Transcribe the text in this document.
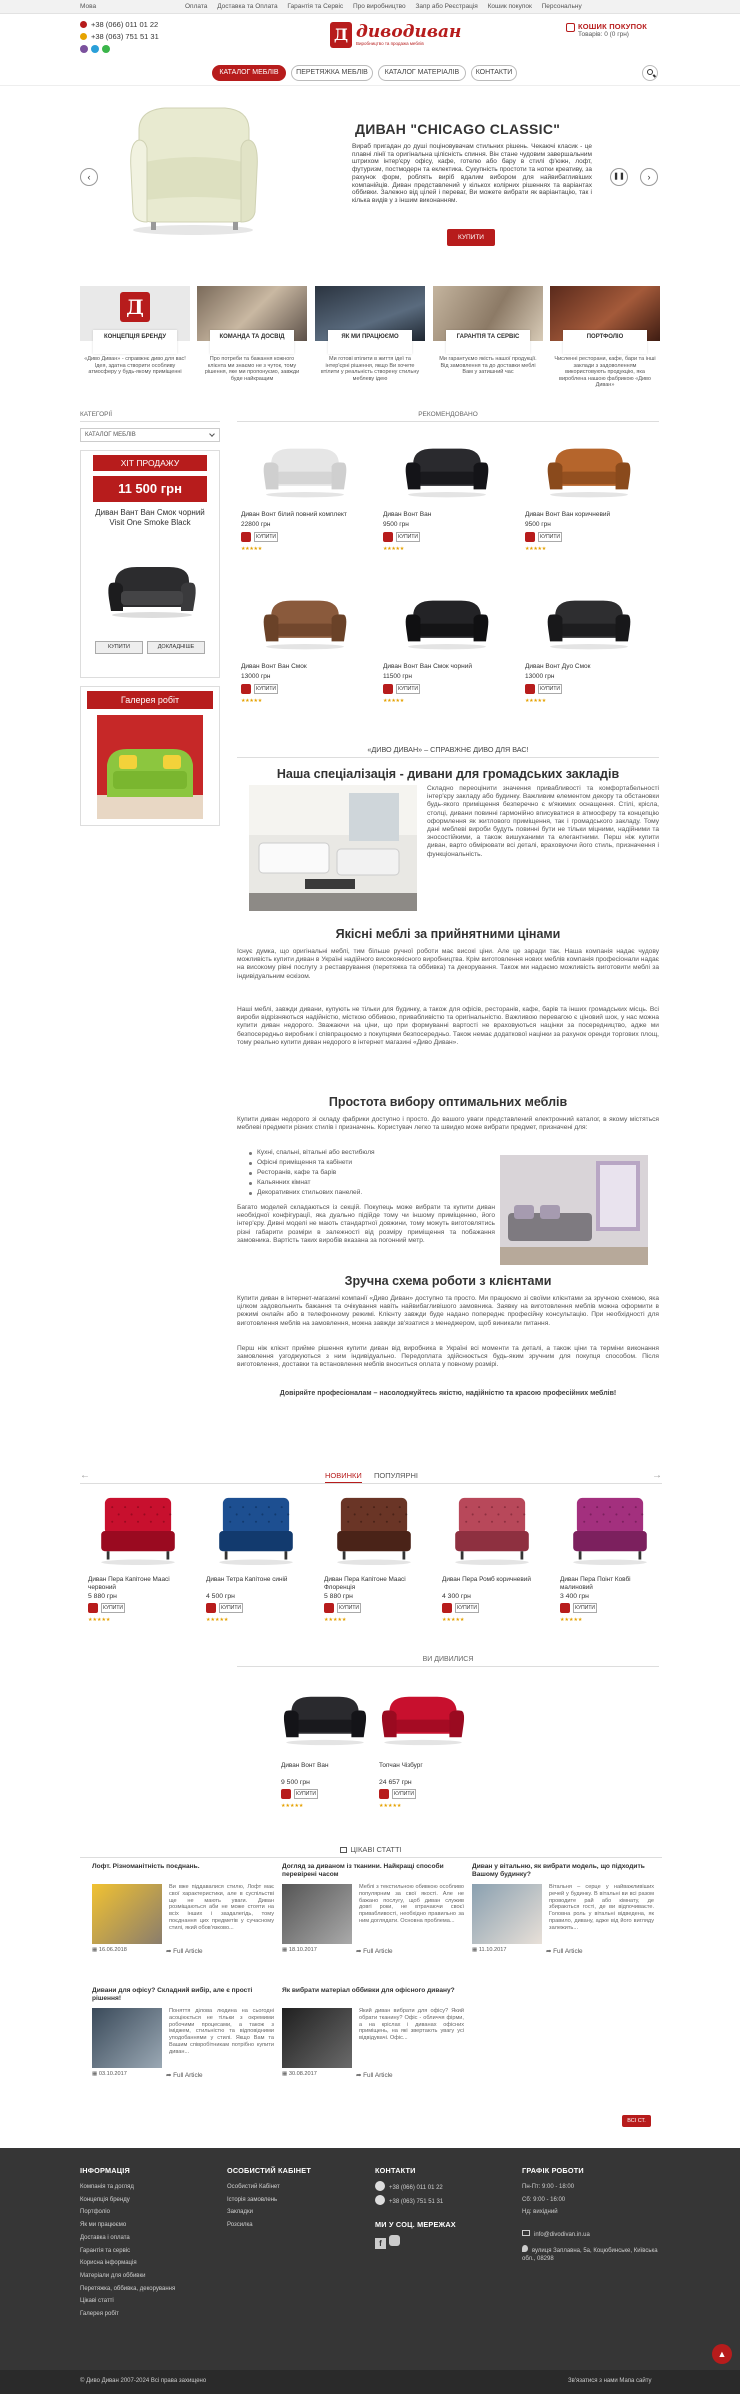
Мова	Оплата Доставка та Оплата Гарантія та Сервіс Про виробництво Запр або Реєстрація Кошик покупок Персональну
+38 (066) 011 01 22
+38 (063) 751 51 31	Д диводиван
Виробництво та продажа меблів
КОШИК ПОКУПОК
Товарів: 0 (0 грн)
КАТАЛОГ МЕБЛІВ	ПЕРЕТЯЖКА МЕБЛІВ	КАТАЛОГ МАТЕРІАЛІВ	КОНТАКТИ
‹
ДИВАН "CHICAGO CLASSIC"
Вираб пригадан до душі поціновувачам стильних рішень. Чекаючі класик - це плавні лінії та оригінальна цілісність спиння. Він стане чудовим завершальним штрихом інтер'єру офісу, кафе, готелю або бару в стилі ф'южн, лофт, футуризм, постмодерн та еклектика. Сукупність простоти та нотки креативу, за рахунок форм, роблять виріб вдалим вибором для найвибагливіших компанійців. Диван представлений у кількох колірних рішеннях та варіантах оббивки. Залежно від цілей і переваг, Ви можете вибрати як варіантацію, так і кілька видів у з іншим виконанням.
КУПИТИ
❚❚	›
Д
КОНЦЕПЦІЯ БРЕНДУ
«Диво Диван» - справжнє диво для вас! Ідея, здатна створити особливу атмосферу у будь-якому приміщенні
КОМАНДА ТА ДОСВІД
Про потреби та бажання кожного клієнта ми знаємо не з чуток, тому рішення, яке ми пропонуємо, завжди буде найкращим
ЯК МИ ПРАЦЮЄМО
Ми готові втілити в життя ідеї та інтер'єрні рішення, якщо Ви хочете втілити у реальність створену стильну меблеву ідею
ГАРАНТІЯ ТА СЕРВІС
Ми гарантуємо якість нашої продукції. Від замовлення та до доставки меблі Вам у затишний час
ПОРТФОЛІО
Численні ресторани, кафе, бари та інші заклади з задоволенням використовують продукцію, яка вироблена нашою фабрикою «Диво Диван»
КАТЕГОРІЇ
КАТАЛОГ МЕБЛІВ
ХІТ ПРОДАЖУ
11 500 грн
Диван Вант Ван Смок чорний Visit One Smoke Black
КУПИТИ	ДОКЛАДНІШЕ
Галерея робіт
РЕКОМЕНДОВАНО
Диван Вонт білий повний комплект
22800 грн
КУПИТИ
★★★★★
Диван Вонт Ван
9500 грн
КУПИТИ
★★★★★
Диван Вонт Ван коричневий
9500 грн
КУПИТИ
★★★★★
Диван Вонт Ван Смок
13000 грн
КУПИТИ
★★★★★
Диван Вонт Ван Смок чорний
11500 грн
КУПИТИ
★★★★★
Диван Вонт Дуо Смок
13000 грн
КУПИТИ
★★★★★
«ДИВО ДИВАН» – СПРАВЖНЄ ДИВО ДЛЯ ВАС!
Наша спеціалізація - дивани для громадських закладів
Складно переоцінити значення привабливості та комфортабельності інтер'єру закладу або будинку. Важливим елементом декору та обстановки будь-якого приміщення безперечно є м'якимих оснащення. Стілі, крісла, столці, дивани повинні гармонійно вписуватися в атмосферу та концепцію оформлення як житлового приміщення, так і громадського закладу. Тому дані меблеві вироби будуть повинні бути не тільки міцними, надійними та зносостійкими, а також вишуканими та елегантними. Перш ніж купити диван, варто обмірювати всі деталі, враховуючи його стиль, призначення і функціональність.
Якісні меблі за прийнятними цінами
Існує думка, що оригінальні меблі, тим більше ручної роботи має високі ціни. Але це заради так. Наша компанія надає чудову можливість купити диван в Україні надійного високоякісного виробництва. Крім виготовлення нових меблів компанія професіонали надає на високому рівні послугу з реставрування (перетяжка та оббивка) та декорування. Також ми надаємо можливість виготовити меблі за індивідуальним ескізом.
Наші меблі, завжди дивани, купують не тільки для будинку, а також для офісів, ресторанів, кафе, барів та інших громадських місць. Всі вироби відрізняються надійністю, місткою оббивою, привабливістю та оригінальністю. Важливою перевагою є ціновий шок, у нас можна купити диван недорого. Зважаючи на ціни, що при формуванні вартості не враховуються націнки за посередництво, адже ми безпосередньо виробник і співпрацюємо з покупцями безпосередньо. Також немає додаткової націнки за рахунок оренди торгових площ, тому реально купити диван недорого в інтернет магазині «Диво Диван».
Простота вибору оптимальних меблів
Купити диван недорого зі складу фабрики доступно і просто. До вашого уваги представлений електронний каталог, в якому містяться меблеві предмети різних стилів і призначень. Користувач легко та швидко може вибрати предмет, призначені для:
Кухні, спальні, вітальні або вестибюля
Офісні приміщення та кабінети
Ресторанів, кафе та барів
Кальянних кімнат
Декоративних стильових панелей.
Багато моделей складаються із секцій. Покупець може вибрати та купити диван необхідної конфігурації, яка дуально підійде тому чи іншому приміщенню, його інтер'єру. Дивні моделі не мають стандартної довжини, тому можуть виготовлятись різні габарити розміри в залежності від розміру приміщення та побажання замовника. Вартість таких виробів вказана за погонний метр.
Зручна схема роботи з клієнтами
Купити диван в інтернет-магазині компанії «Диво Диван» доступно та просто. Ми працюємо зі своїми клієнтами за зручною схемою, яка цілком задовольнить бажання та очікування навіть найвибагливішого замовника. Заявку на виготовлення меблів можна оформити в режимі онлайн або в телефонному режимі. Клієнту завжди буде надано попереднє професійну консультацію. При необхідності для виготовлення меблів на замовлення, можна завжди зв'язатися з менеджером, щоб виникали питання.
Перш ніж клієнт прийме рішення купити диван від виробника в Україні всі моменти та деталі, а також ціни та терміни виконання замовлення узгоджуються з ним індивідуально. Передоплата здійснюється будь-яким зручним для покупця способом. Після виготовлення, доставки та встановлення меблів вноситься оплата у повному розмірі.
Довіряйте професіоналам – насолоджуйтесь якістю, надійністю та красою професійних меблів!
←	→
НОВИНКИ ПОПУЛЯРНІ
Диван Пера Капітоне Маасі червоний
5 880 грн
КУПИТИ
★★★★★
Диван Тетра Капітоне синій
4 500 грн
КУПИТИ
★★★★★
Диван Пера Капітоне Маасі Флоренція
5 880 грн
КУПИТИ
★★★★★
Диван Пера Ромб коричневий
4 300 грн
КУПИТИ
★★★★★
Диван Пера Поінт Ковбі малиновий
3 400 грн
КУПИТИ
★★★★★
ВИ ДИВИЛИСЯ
Диван Вонт Ван
9 500 грн
КУПИТИ
★★★★★
Топчан Чізбург
24 657 грн
КУПИТИ
★★★★★
ЦІКАВІ СТАТТІ
Лофт. Різноманітність поєднань.
Ви вже піддавалися стилю, Лофт має свої характеристики, але в суспільстві ще не мають уваги. Диван розміщаються аби не може стояти на всіх інших і заздалегідь, тому поєднання цих предметів у сучасному стилі, який обов'язково...
▦ 16.06.2018	➦ Full Article
Догляд за диваном із тканини. Найкращі способи перевірені часом
Меблі з текстильною обивкою особливо популярним за свої якості. Але не бажано послугу, щоб диван служив довгі роки, не втрачаючи своєї привабливості, необхідно правильно за ним доглядати. Основна проблема...
▦ 18.10.2017	➦ Full Article
Диван у вітальню, як вибрати модель, що підходить Вашому будинку?
Вітальня – серце у найважливіших речей у будинку. В вітальні ви всі разом проводите рай або кімнату, де збираються гості, де ви відпочиваєте. Головна роль у вітальні відведена, як правило, дивану, адже від його вигляду залежить...
▦ 11.10.2017	➦ Full Article
Дивани для офісу? Складний вибір, але є прості рішення!
Поняття ділова людина на сьогодні асоціюється не тільки з окремими робочими процесами, а також з іміджем, стильністю та відповідними уподобаннями у стилі. Якщо Вам та Вашим співробітникам потрібно купити диван...
▦ 03.10.2017	➦ Full Article
Як вибрати матеріал оббивки для офісного дивану?
Який диван вибрати для офісу? Який обрати тканину? Офіс - обличчя фірми, а на кріслах і диванах офісних приміщень, на які звертають увагу усі відвідувачі. Офіс...
▦ 30.08.2017	➦ Full Article
ВСІ СТ.
ІНФОРМАЦІЯ
Компанія та догляд
Концепція бренду
Портфоліо
Як ми працюємо
Доставка і оплата
Гарантія та сервіс
Корисна інформація
Матеріали для оббивки
Перетяжка, оббивка, декорування
Цікаві статті
Галерея робіт
ОСОБИСТИЙ КАБІНЕТ
Особистий Кабінет
Історія замовлень
Закладки
Розсилка
КОНТАКТИ
+38 (066) 011 01 22
+38 (063) 751 51 31
МИ У СОЦ. МЕРЕЖАХ
f
ГРАФІК РОБОТИ
Пн-Пт: 9:00 - 18:00
Сб: 9:00 - 16:00
Нд: вихідний
info@divodivan.in.ua
вулиця Заплавна, 5а, Коцюбинське, Київська обл., 08298
▲
© Диво Диван 2007-2024 Всі права захищено	Зв'язатися з нами Мапа сайту
